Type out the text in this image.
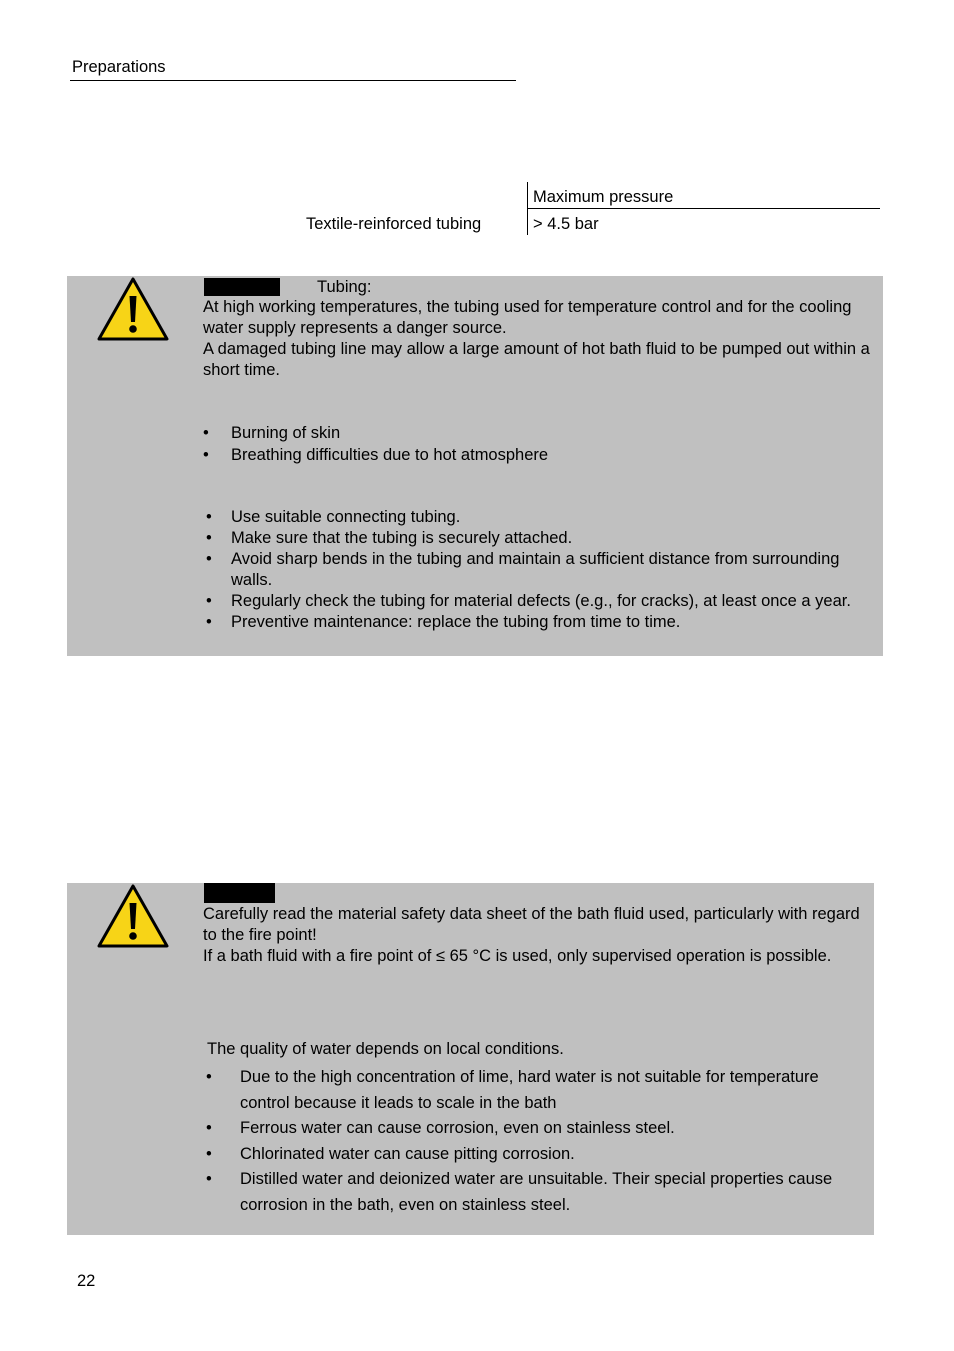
Preparations
Maximum pressure
Textile-reinforced tubing	> 4.5 bar
Tubing:
At high working temperatures, the tubing used for temperature control and for the cooling water supply represents a danger source.
A damaged tubing line may allow a large amount of hot bath fluid to be pumped out within a short time.
• Burning of skin
• Breathing difficulties due to hot atmosphere
• Use suitable connecting tubing.
• Make sure that the tubing is securely attached.
• Avoid sharp bends in the tubing and maintain a sufficient distance from surrounding walls.
• Regularly check the tubing for material defects (e.g., for cracks), at least once a year.
• Preventive maintenance: replace the tubing from time to time.
Carefully read the material safety data sheet of the bath fluid used, particularly with regard to the fire point!
If a bath fluid with a fire point of ≤ 65 °C is used, only supervised operation is possible.
The quality of water depends on local conditions.
• Due to the high concentration of lime, hard water is not suitable for temperature control because it leads to scale in the bath
• Ferrous water can cause corrosion, even on stainless steel.
• Chlorinated water can cause pitting corrosion.
• Distilled water and deionized water are unsuitable. Their special properties cause corrosion in the bath, even on stainless steel.
22
